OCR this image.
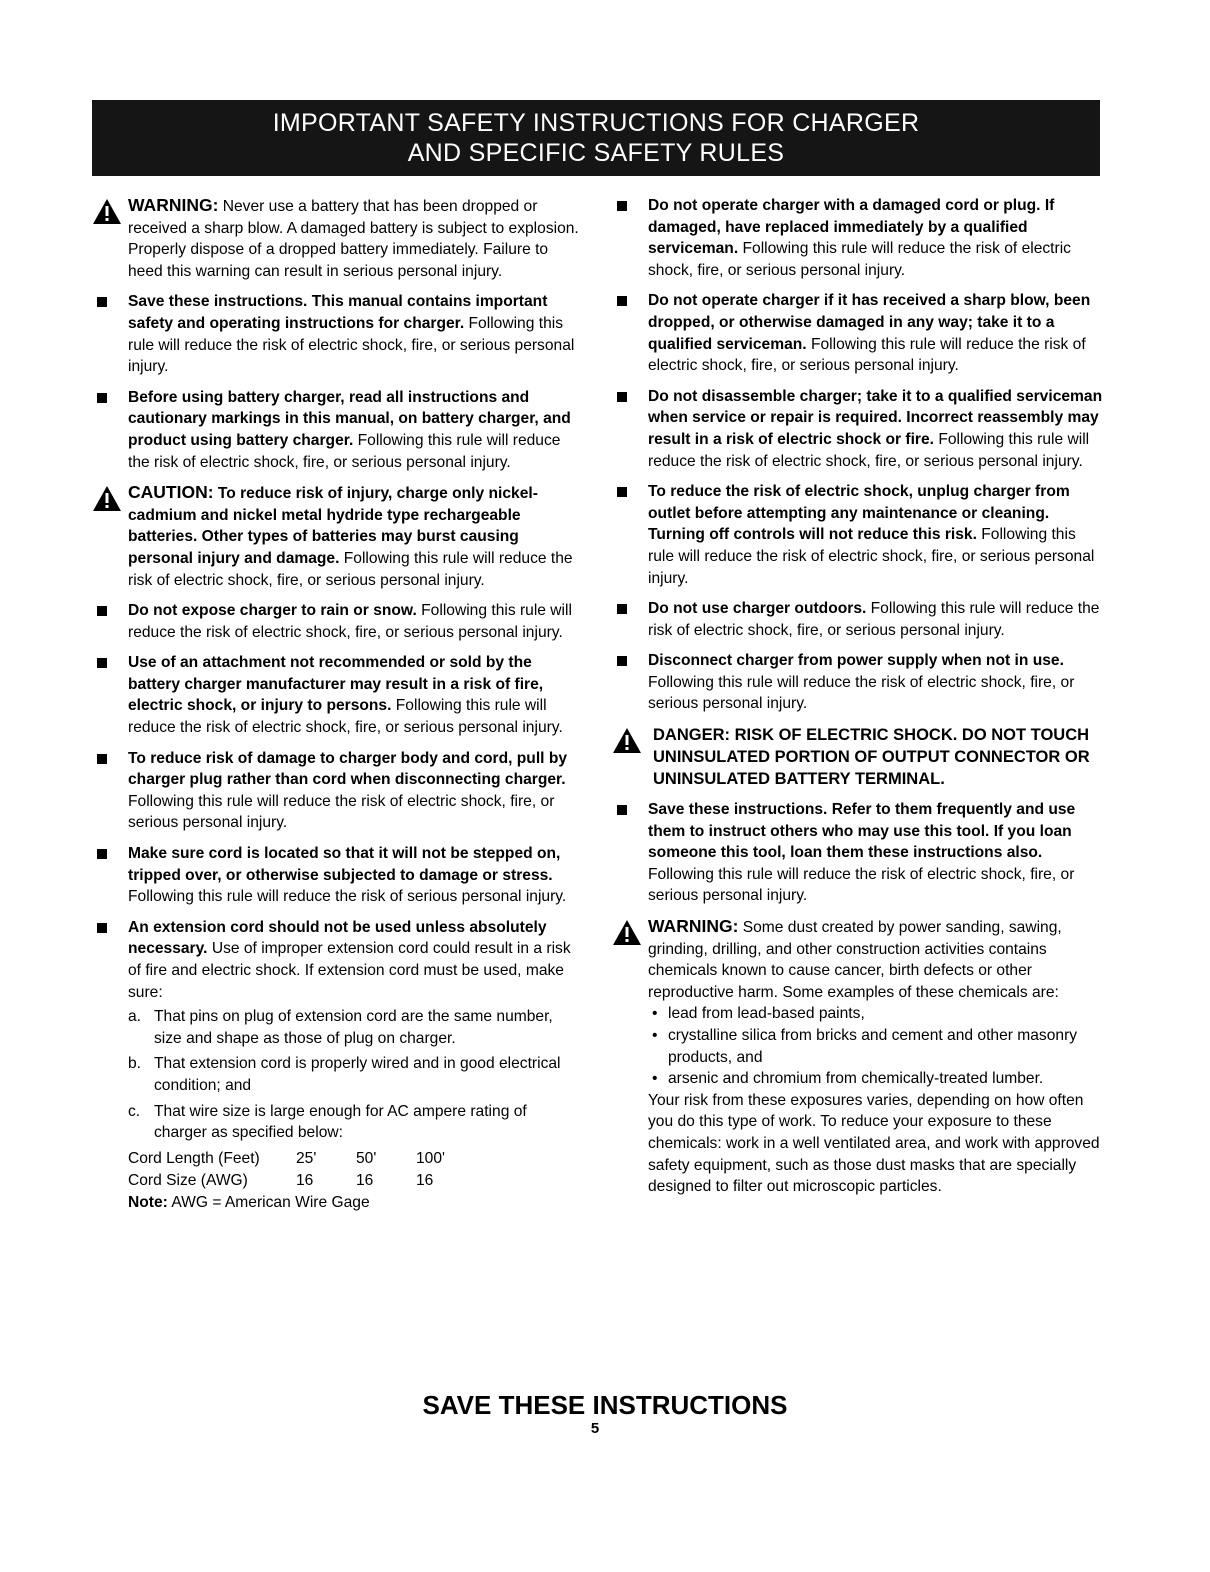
IMPORTANT SAFETY INSTRUCTIONS FOR CHARGER
AND SPECIFIC SAFETY RULES
WARNING: Never use a battery that has been dropped or received a sharp blow. A damaged battery is subject to explosion. Properly dispose of a dropped battery immediately. Failure to heed this warning can result in serious personal injury.
Save these instructions. This manual contains important safety and operating instructions for charger. Following this rule will reduce the risk of electric shock, fire, or serious personal injury.
Before using battery charger, read all instructions and cautionary markings in this manual, on battery charger, and product using battery charger. Following this rule will reduce the risk of electric shock, fire, or serious personal injury.
CAUTION: To reduce risk of injury, charge only nickel-cadmium and nickel metal hydride type rechargeable batteries. Other types of batteries may burst causing personal injury and damage. Following this rule will reduce the risk of electric shock, fire, or serious personal injury.
Do not expose charger to rain or snow. Following this rule will reduce the risk of electric shock, fire, or serious personal injury.
Use of an attachment not recommended or sold by the battery charger manufacturer may result in a risk of fire, electric shock, or injury to persons. Following this rule will reduce the risk of electric shock, fire, or serious personal injury.
To reduce risk of damage to charger body and cord, pull by charger plug rather than cord when disconnecting charger. Following this rule will reduce the risk of electric shock, fire, or serious personal injury.
Make sure cord is located so that it will not be stepped on, tripped over, or otherwise subjected to damage or stress. Following this rule will reduce the risk of serious personal injury.
An extension cord should not be used unless absolutely necessary. Use of improper extension cord could result in a risk of fire and electric shock. If extension cord must be used, make sure:
a. That pins on plug of extension cord are the same number, size and shape as those of plug on charger.
b. That extension cord is properly wired and in good electrical condition; and
c. That wire size is large enough for AC ampere rating of charger as specified below:
Cord Length (Feet)	25'	50'	100'
Cord Size (AWG)	16	16	16
Note: AWG = American Wire Gage
Do not operate charger with a damaged cord or plug. If damaged, have replaced immediately by a qualified serviceman. Following this rule will reduce the risk of electric shock, fire, or serious personal injury.
Do not operate charger if it has received a sharp blow, been dropped, or otherwise damaged in any way; take it to a qualified serviceman. Following this rule will reduce the risk of electric shock, fire, or serious personal injury.
Do not disassemble charger; take it to a qualified serviceman when service or repair is required. Incorrect reassembly may result in a risk of electric shock or fire. Following this rule will reduce the risk of electric shock, fire, or serious personal injury.
To reduce the risk of electric shock, unplug charger from outlet before attempting any maintenance or cleaning. Turning off controls will not reduce this risk. Following this rule will reduce the risk of electric shock, fire, or serious personal injury.
Do not use charger outdoors. Following this rule will reduce the risk of electric shock, fire, or serious personal injury.
Disconnect charger from power supply when not in use. Following this rule will reduce the risk of electric shock, fire, or serious personal injury.
DANGER: RISK OF ELECTRIC SHOCK. DO NOT TOUCH UNINSULATED PORTION OF OUTPUT CONNECTOR OR UNINSULATED BATTERY TERMINAL.
Save these instructions. Refer to them frequently and use them to instruct others who may use this tool. If you loan someone this tool, loan them these instructions also. Following this rule will reduce the risk of electric shock, fire, or serious personal injury.
WARNING: Some dust created by power sanding, sawing, grinding, drilling, and other construction activities contains chemicals known to cause cancer, birth defects or other reproductive harm. Some examples of these chemicals are:
• lead from lead-based paints,
• crystalline silica from bricks and cement and other masonry products, and
• arsenic and chromium from chemically-treated lumber.
Your risk from these exposures varies, depending on how often you do this type of work. To reduce your exposure to these chemicals: work in a well ventilated area, and work with approved safety equipment, such as those dust masks that are specially designed to filter out microscopic particles.
SAVE THESE INSTRUCTIONS
5
